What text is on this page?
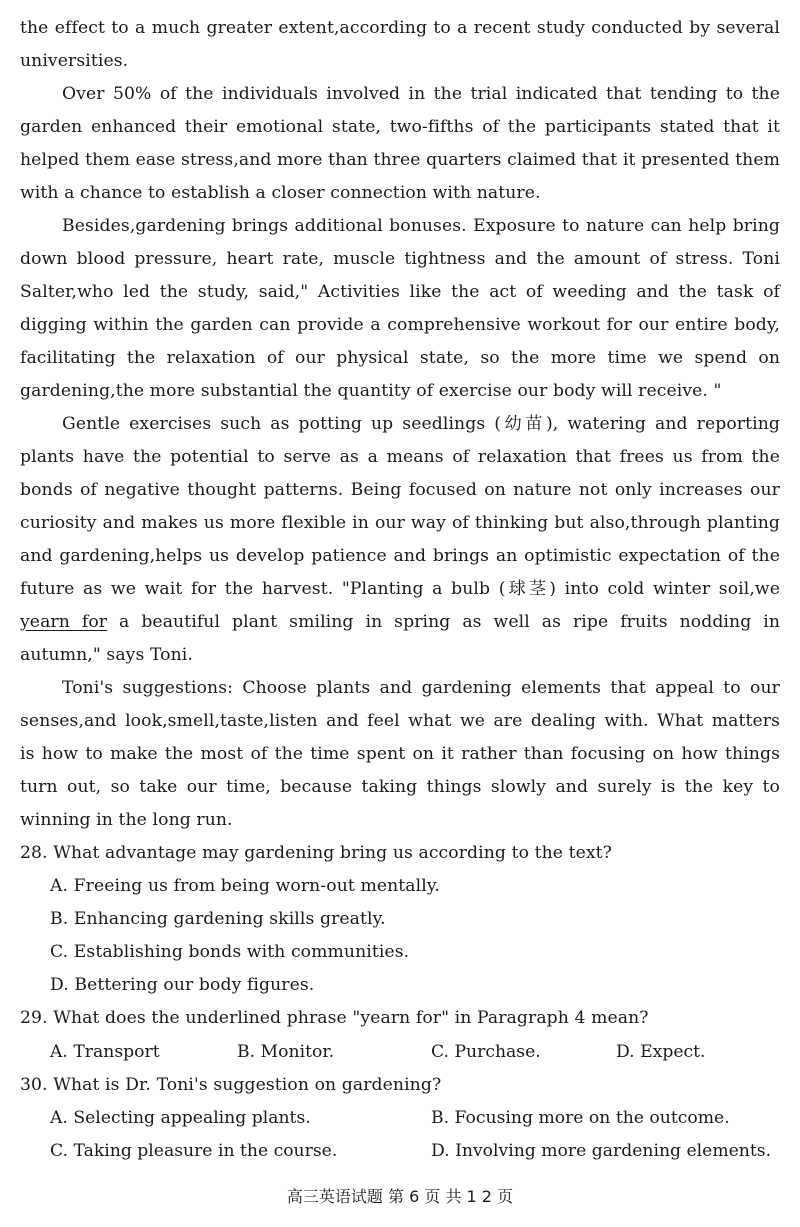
the effect to a much greater extent,according to a recent study conducted by several
universities.
Over 50% of the individuals involved in the trial indicated that tending to the
garden enhanced their emotional state, two-fifths of the participants stated that it
helped them ease stress,and more than three quarters claimed that it presented them
with a chance to establish a closer connection with nature.
Besides,gardening brings additional bonuses. Exposure to nature can help bring
down blood pressure, heart rate, muscle tightness and the amount of stress. Toni
Salter,who led the study, said," Activities like the act of weeding and the task of
digging within the garden can provide a comprehensive workout for our entire body,
facilitating the relaxation of our physical state, so the more time we spend on
gardening,the more substantial the quantity of exercise our body will receive. "
Gentle exercises such as potting up seedlings (幼苗), watering and reporting
plants have the potential to serve as a means of relaxation that frees us from the
bonds of negative thought patterns. Being focused on nature not only increases our
curiosity and makes us more flexible in our way of thinking but also,through planting
and gardening,helps us develop patience and brings an optimistic expectation of the
future as we wait for the harvest. "Planting a bulb (球茎) into cold winter soil,we
yearn for a beautiful plant smiling in spring as well as ripe fruits nodding in
autumn," says Toni.
Toni's suggestions: Choose plants and gardening elements that appeal to our
senses,and look,smell,taste,listen and feel what we are dealing with. What matters
is how to make the most of the time spent on it rather than focusing on how things
turn out, so take our time, because taking things slowly and surely is the key to
winning in the long run.
28. What advantage may gardening bring us according to the text?
A. Freeing us from being worn-out mentally.
B. Enhancing gardening skills greatly.
C. Establishing bonds with communities.
D. Bettering our body figures.
29. What does the underlined phrase "yearn for" in Paragraph 4 mean?
A. Transport	B. Monitor.	C. Purchase.	D. Expect.
30. What is Dr. Toni's suggestion on gardening?
A. Selecting appealing plants.	B. Focusing more on the outcome.
C. Taking pleasure in the course.	D. Involving more gardening elements.
高三英语试题 第 6 页 共 1 2 页
